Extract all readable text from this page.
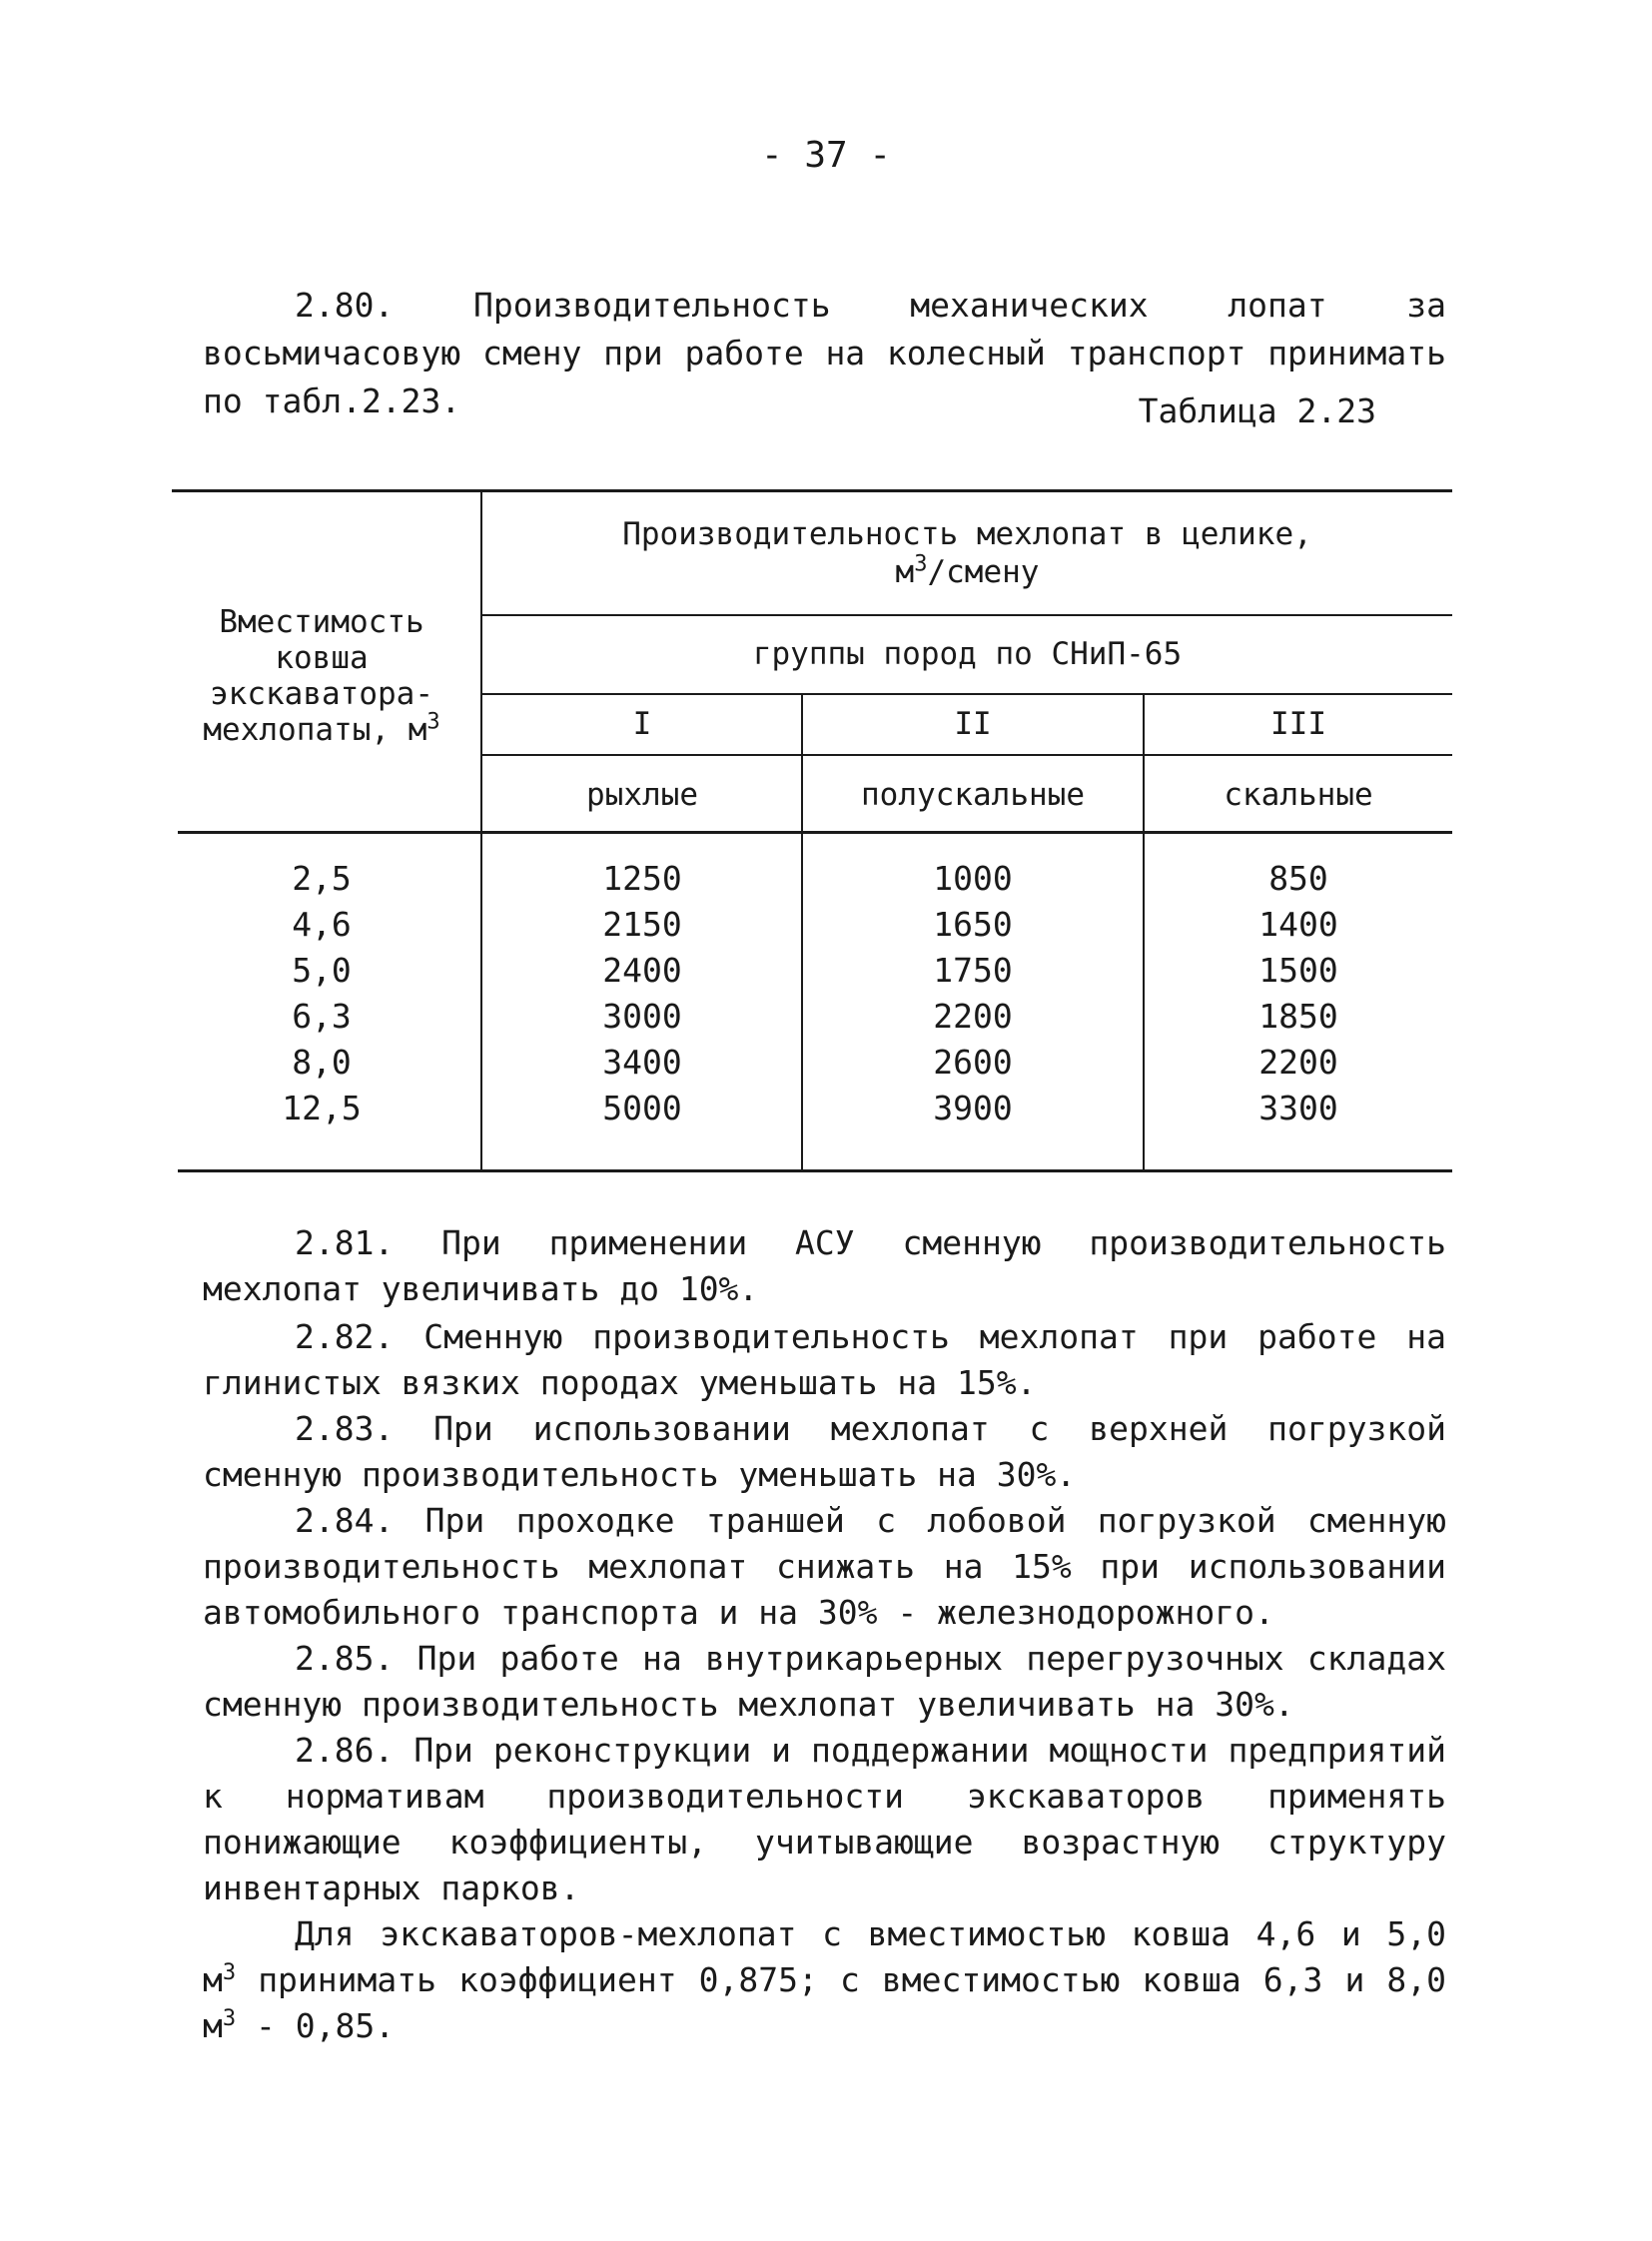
- 37 -
2.80. Производительность механических лопат за восьмичасовую смену при работе на колесный транспорт принимать по табл.2.23.	Таблица 2.23
Вместимость ковша экскаватора-мехлопаты, $м^3$
Производительность мехлопат в целике,
$м^3$/смену
группы пород по СНиП-65
I	II	III
рыхлые	полускальные	скальные
2,5	1250	1000	850
4,6	2150	1650	1400
5,0	2400	1750	1500
6,3	3000	2200	1850
8,0	3400	2600	2200
12,5	5000	3900	3300

2.81. При применении АСУ сменную производительность мехлопат увеличивать до 10%.

2.82. Сменную производительность мехлопат при работе на глинистых вязких породах уменьшать на 15%.

2.83. При использовании мехлопат с верхней погрузкой сменную производительность уменьшать на 30%.

2.84. При проходке траншей с лобовой погрузкой сменную производительность мехлопат снижать на 15% при использовании автомобильного транспорта и на 30% - железнодорожного.

2.85. При работе на внутрикарьерных перегрузочных складах сменную производительность мехлопат увеличивать на 30%.

2.86. При реконструкции и поддержании мощности предприятий к нормативам производительности экскаваторов применять понижающие коэффициенты, учитывающие возрастную структуру инвентарных парков.

Для экскаваторов-мехлопат с вместимостью ковша 4,6 и 5,0 $м^3$ принимать коэффициент 0,875; с вместимостью ковша 6,3 и 8,0 $м^3 - 0,85$.
